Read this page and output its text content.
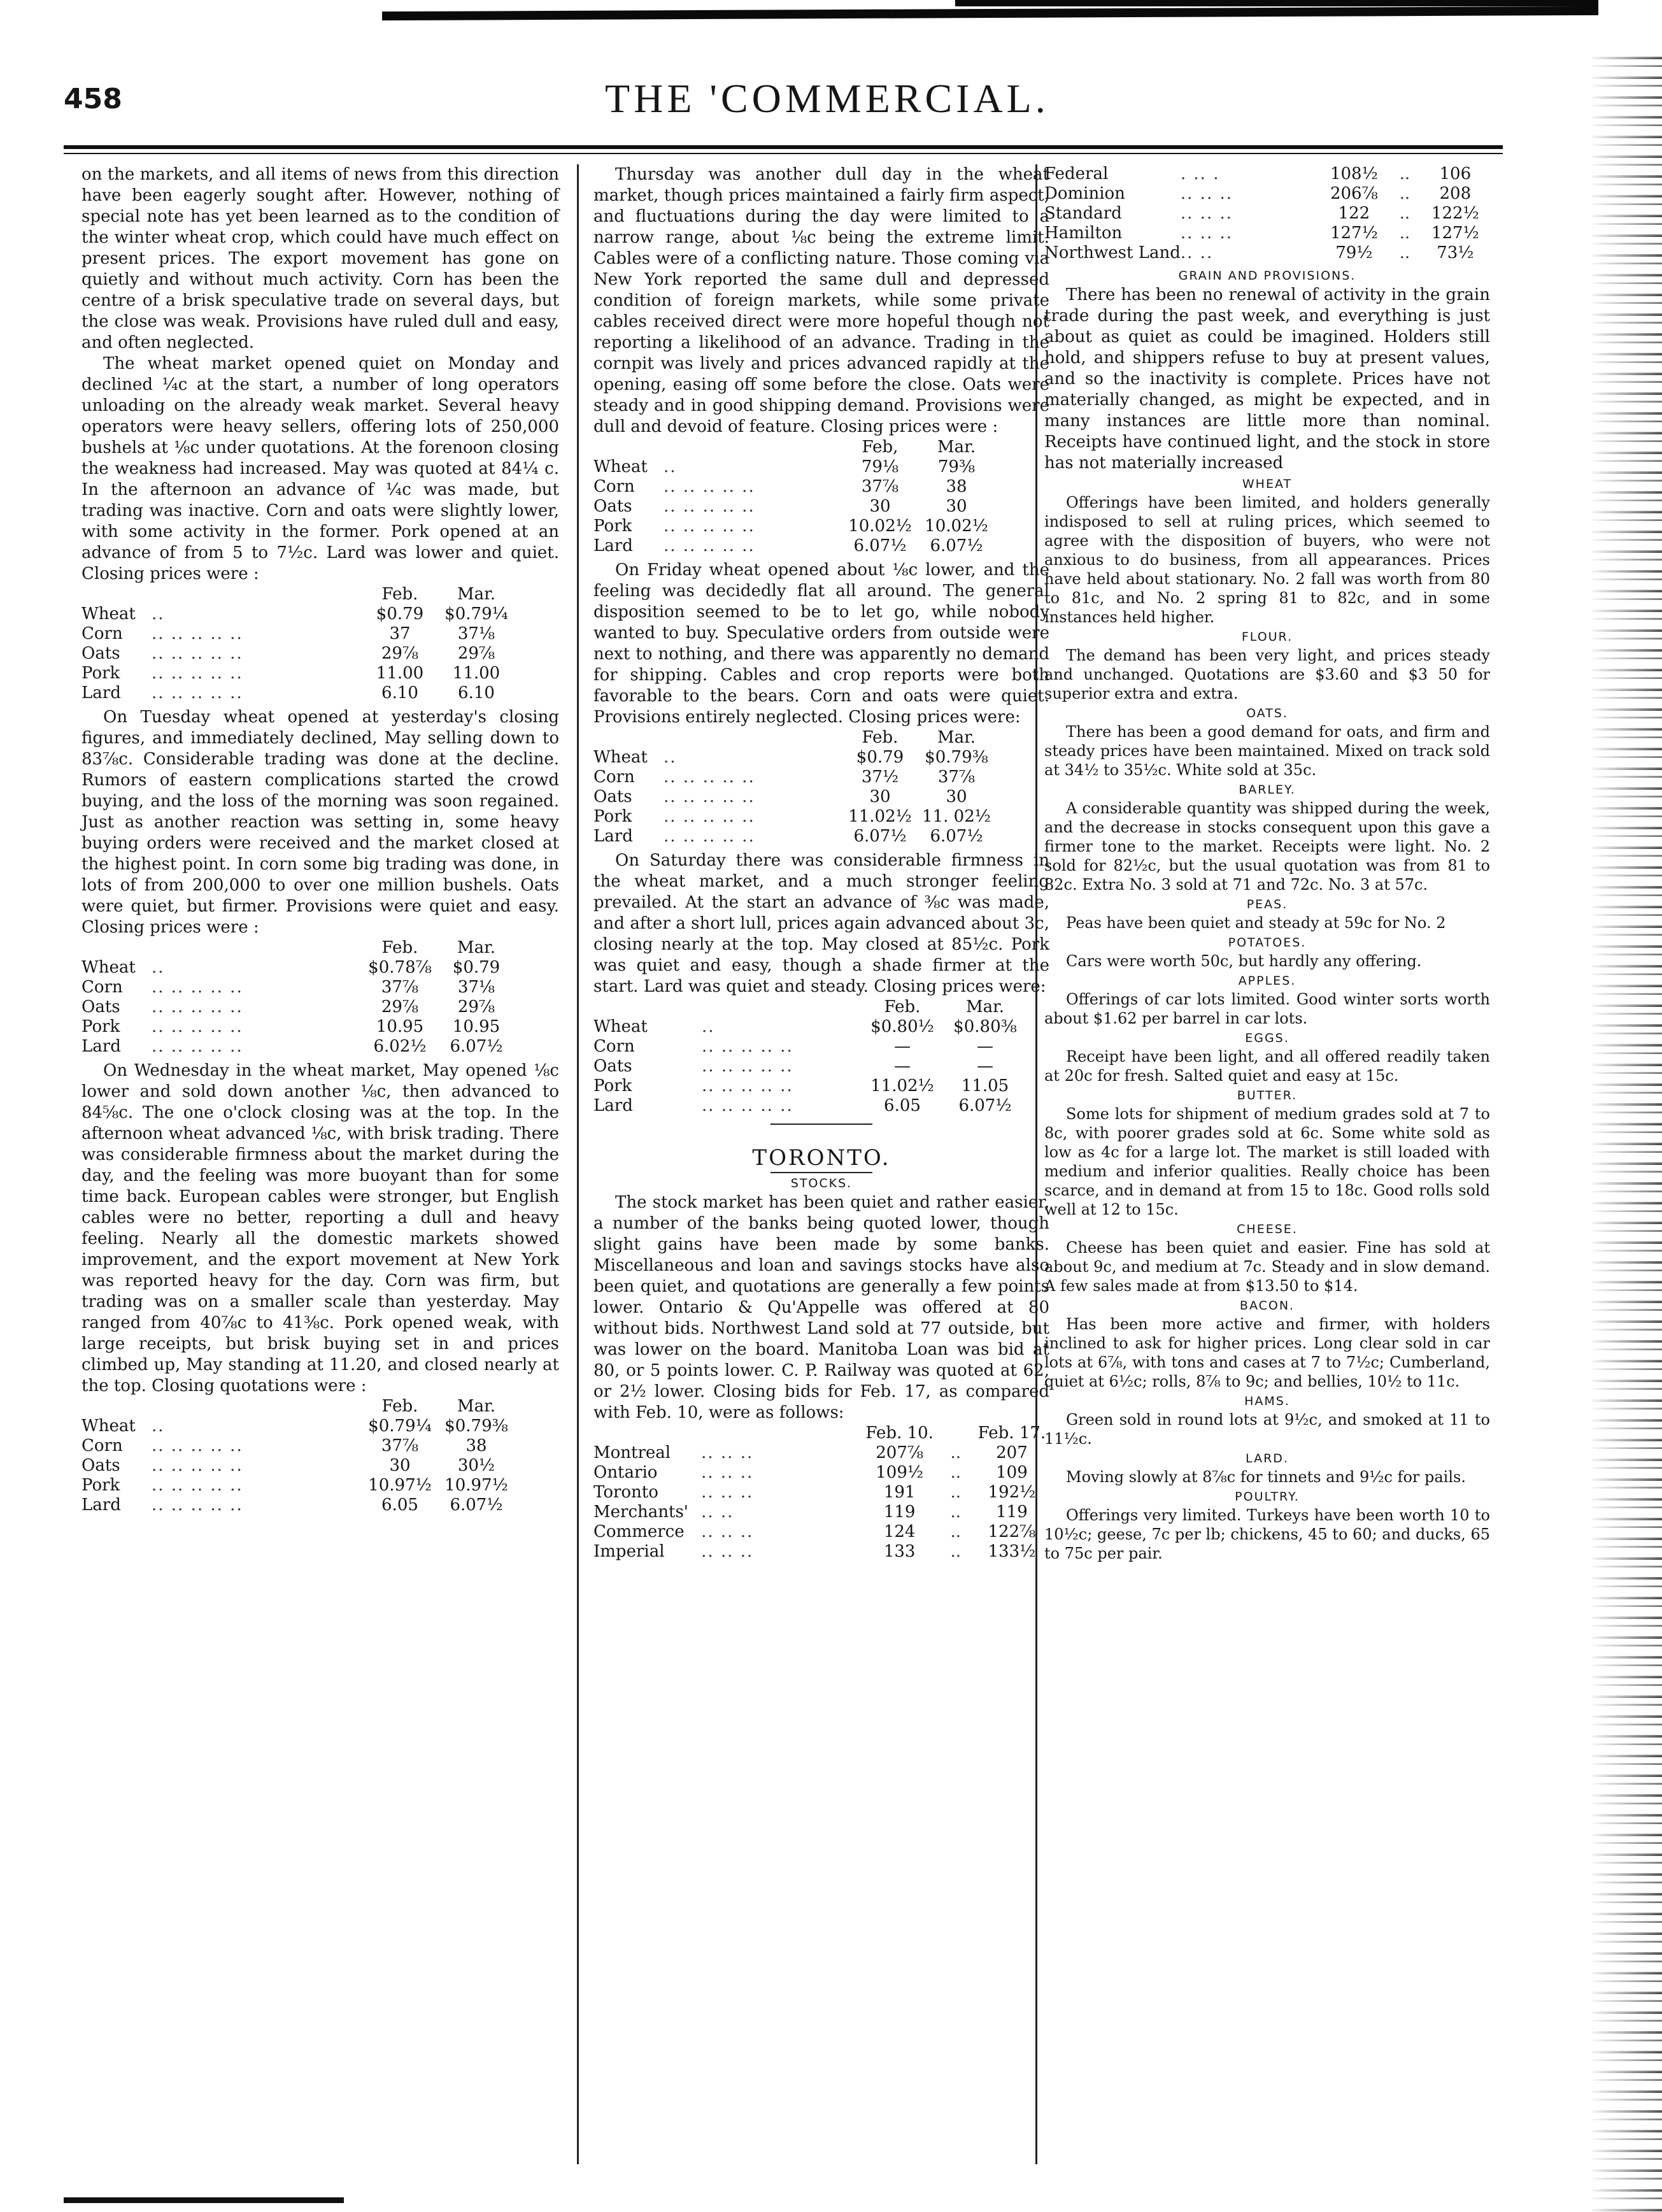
458	THE 'COMMERCIAL.

on the markets, and all items of news from this direction have been eagerly sought after. However, nothing of special note has yet been learned as to the condition of the winter wheat crop, which could have much effect on present prices. The export movement has gone on quietly and without much activity. Corn has been the centre of a brisk speculative trade on several days, but the close was weak. Provisions have ruled dull and easy, and often neglected.

The wheat market opened quiet on Monday and declined ¼c at the start, a number of long operators unloading on the already weak market. Several heavy operators were heavy sellers, offering lots of 250,000 bushels at ⅛c under quotations. At the forenoon closing the weakness had increased. May was quoted at 84¼ c. In the afternoon an advance of ¼c was made, but trading was inactive. Corn and oats were slightly lower, with some activity in the former. Pork opened at an advance of from 5 to 7½c. Lard was lower and quiet. Closing prices were :

		Feb.	Mar.
Wheat	..	$0.79	$0.79¼
Corn	.. .. .. .. ..	37	37⅛
Oats	.. .. .. .. ..	29⅞	29⅞
Pork	.. .. .. .. ..	11.00	11.00
Lard	.. .. .. .. ..	6.10	6.10

On Tuesday wheat opened at yesterday's closing figures, and immediately declined, May selling down to 83⅞c. Considerable trading was done at the decline. Rumors of eastern complications started the crowd buying, and the loss of the morning was soon regained. Just as another reaction was setting in, some heavy buying orders were received and the market closed at the highest point. In corn some big trading was done, in lots of from 200,000 to over one million bushels. Oats were quiet, but firmer. Provisions were quiet and easy. Closing prices were :

		Feb.	Mar.
Wheat	..	$0.78⅞	$0.79
Corn	.. .. .. .. ..	37⅞	37⅛
Oats	.. .. .. .. ..	29⅞	29⅞
Pork	.. .. .. .. ..	10.95	10.95
Lard	.. .. .. .. ..	6.02½	6.07½

On Wednesday in the wheat market, May opened ⅛c lower and sold down another ⅛c, then advanced to 84⅝c. The one o'clock closing was at the top. In the afternoon wheat advanced ⅛c, with brisk trading. There was considerable firmness about the market during the day, and the feeling was more buoyant than for some time back. European cables were stronger, but English cables were no better, reporting a dull and heavy feeling. Nearly all the domestic markets showed improvement, and the export movement at New York was reported heavy for the day. Corn was firm, but trading was on a smaller scale than yesterday. May ranged from 40⅞c to 41⅜c. Pork opened weak, with large receipts, but brisk buying set in and prices climbed up, May standing at 11.20, and closed nearly at the top. Closing quotations were :

		Feb.	Mar.
Wheat	..	$0.79¼	$0.79⅜
Corn	.. .. .. .. ..	37⅞	38
Oats	.. .. .. .. ..	30	30½
Pork	.. .. .. .. ..	10.97½	10.97½
Lard	.. .. .. .. ..	6.05	6.07½

Thursday was another dull day in the wheat market, though prices maintained a fairly firm aspect, and fluctuations during the day were limited to a narrow range, about ⅛c being the extreme limit. Cables were of a conflicting nature. Those coming via New York reported the same dull and depressed condition of foreign markets, while some private cables received direct were more hopeful though not reporting a likelihood of an advance. Trading in the cornpit was lively and prices advanced rapidly at the opening, easing off some before the close. Oats were steady and in good shipping demand. Provisions were dull and devoid of feature. Closing prices were :

		Feb,	Mar.
Wheat	..	79⅛	79⅜
Corn	.. .. .. .. ..	37⅞	38
Oats	.. .. .. .. ..	30	30
Pork	.. .. .. .. ..	10.02½	10.02½
Lard	.. .. .. .. ..	6.07½	6.07½

On Friday wheat opened about ⅛c lower, and the feeling was decidedly flat all around. The general disposition seemed to be to let go, while nobody wanted to buy. Speculative orders from outside were next to nothing, and there was apparently no demand for shipping. Cables and crop reports were both favorable to the bears. Corn and oats were quiet. Provisions entirely neglected. Closing prices were:

		Feb.	Mar.
Wheat	..	$0.79	$0.79⅜
Corn	.. .. .. .. ..	37½	37⅞
Oats	.. .. .. .. ..	30	30
Pork	.. .. .. .. ..	11.02½	11. 02½
Lard	.. .. .. .. ..	6.07½	6.07½

On Saturday there was considerable firmness in the wheat market, and a much stronger feeling prevailed. At the start an advance of ⅜c was made, and after a short lull, prices again advanced about 3c, closing nearly at the top. May closed at 85½c. Pork was quiet and easy, though a shade firmer at the start. Lard was quiet and steady. Closing prices were:

		Feb.	Mar.
Wheat	..	$0.80½	$0.80⅜
Corn	.. .. .. .. ..	—	—
Oats	.. .. .. .. ..	—	—
Pork	.. .. .. .. ..	11.02½	11.05
Lard	.. .. .. .. ..	6.05	6.07½
TORONTO.
STOCKS.

The stock market has been quiet and rather easier, a number of the banks being quoted lower, though slight gains have been made by some banks. Miscellaneous and loan and savings stocks have also been quiet, and quotations are generally a few points lower. Ontario & Qu'Appelle was offered at 80 without bids. Northwest Land sold at 77 outside, but was lower on the board. Manitoba Loan was bid at 80, or 5 points lower. C. P. Railway was quoted at 62, or 2½ lower. Closing bids for Feb. 17, as compared with Feb. 10, were as follows:

		Feb. 10.		Feb. 17.
Montreal	.. .. ..	207⅞	..	207
Ontario	.. .. ..	109½	..	109
Toronto	.. .. ..	191	..	192½
Merchants'	.. ..	119	..	119
Commerce	.. .. ..	124	..	122⅞
Imperial	.. .. ..	133	..	133½
Federal	. .. .	108½	..	106
Dominion	.. .. ..	206⅞	..	208
Standard	.. .. ..	122	..	122½
Hamilton	.. .. ..	127½	..	127½
Northwest Land	.. ..	79½	..	73½
GRAIN AND PROVISIONS.

There has been no renewal of activity in the grain trade during the past week, and everything is just about as quiet as could be imagined. Holders still hold, and shippers refuse to buy at present values, and so the inactivity is complete. Prices have not materially changed, as might be expected, and in many instances are little more than nominal. Receipts have continued light, and the stock in store has not materially increased

WHEAT

Offerings have been limited, and holders generally indisposed to sell at ruling prices, which seemed to agree with the disposition of buyers, who were not anxious to do business, from all appearances. Prices have held about stationary. No. 2 fall was worth from 80 to 81c, and No. 2 spring 81 to 82c, and in some instances held higher.

FLOUR.

The demand has been very light, and prices steady and unchanged. Quotations are $3.60 and $3 50 for superior extra and extra.

OATS.

There has been a good demand for oats, and firm and steady prices have been maintained. Mixed on track sold at 34½ to 35½c. White sold at 35c.

BARLEY.

A considerable quantity was shipped during the week, and the decrease in stocks consequent upon this gave a firmer tone to the market. Receipts were light. No. 2 sold for 82½c, but the usual quotation was from 81 to 82c. Extra No. 3 sold at 71 and 72c. No. 3 at 57c.

PEAS.

Peas have been quiet and steady at 59c for No. 2

POTATOES.

Cars were worth 50c, but hardly any offering.

APPLES.

Offerings of car lots limited. Good winter sorts worth about $1.62 per barrel in car lots.

EGGS.

Receipt have been light, and all offered readily taken at 20c for fresh. Salted quiet and easy at 15c.

BUTTER.

Some lots for shipment of medium grades sold at 7 to 8c, with poorer grades sold at 6c. Some white sold as low as 4c for a large lot. The market is still loaded with medium and inferior qualities. Really choice has been scarce, and in demand at from 15 to 18c. Good rolls sold well at 12 to 15c.

CHEESE.

Cheese has been quiet and easier. Fine has sold at about 9c, and medium at 7c. Steady and in slow demand. A few sales made at from $13.50 to $14.

BACON.

Has been more active and firmer, with holders inclined to ask for higher prices. Long clear sold in car lots at 6⅞, with tons and cases at 7 to 7½c; Cumberland, quiet at 6½c; rolls, 8⅞ to 9c; and bellies, 10½ to 11c.

HAMS.

Green sold in round lots at 9½c, and smoked at 11 to 11½c.

LARD.

Moving slowly at 8⅞c for tinnets and 9½c for pails.

POULTRY.

Offerings very limited. Turkeys have been worth 10 to 10½c; geese, 7c per lb; chickens, 45 to 60; and ducks, 65 to 75c per pair.
